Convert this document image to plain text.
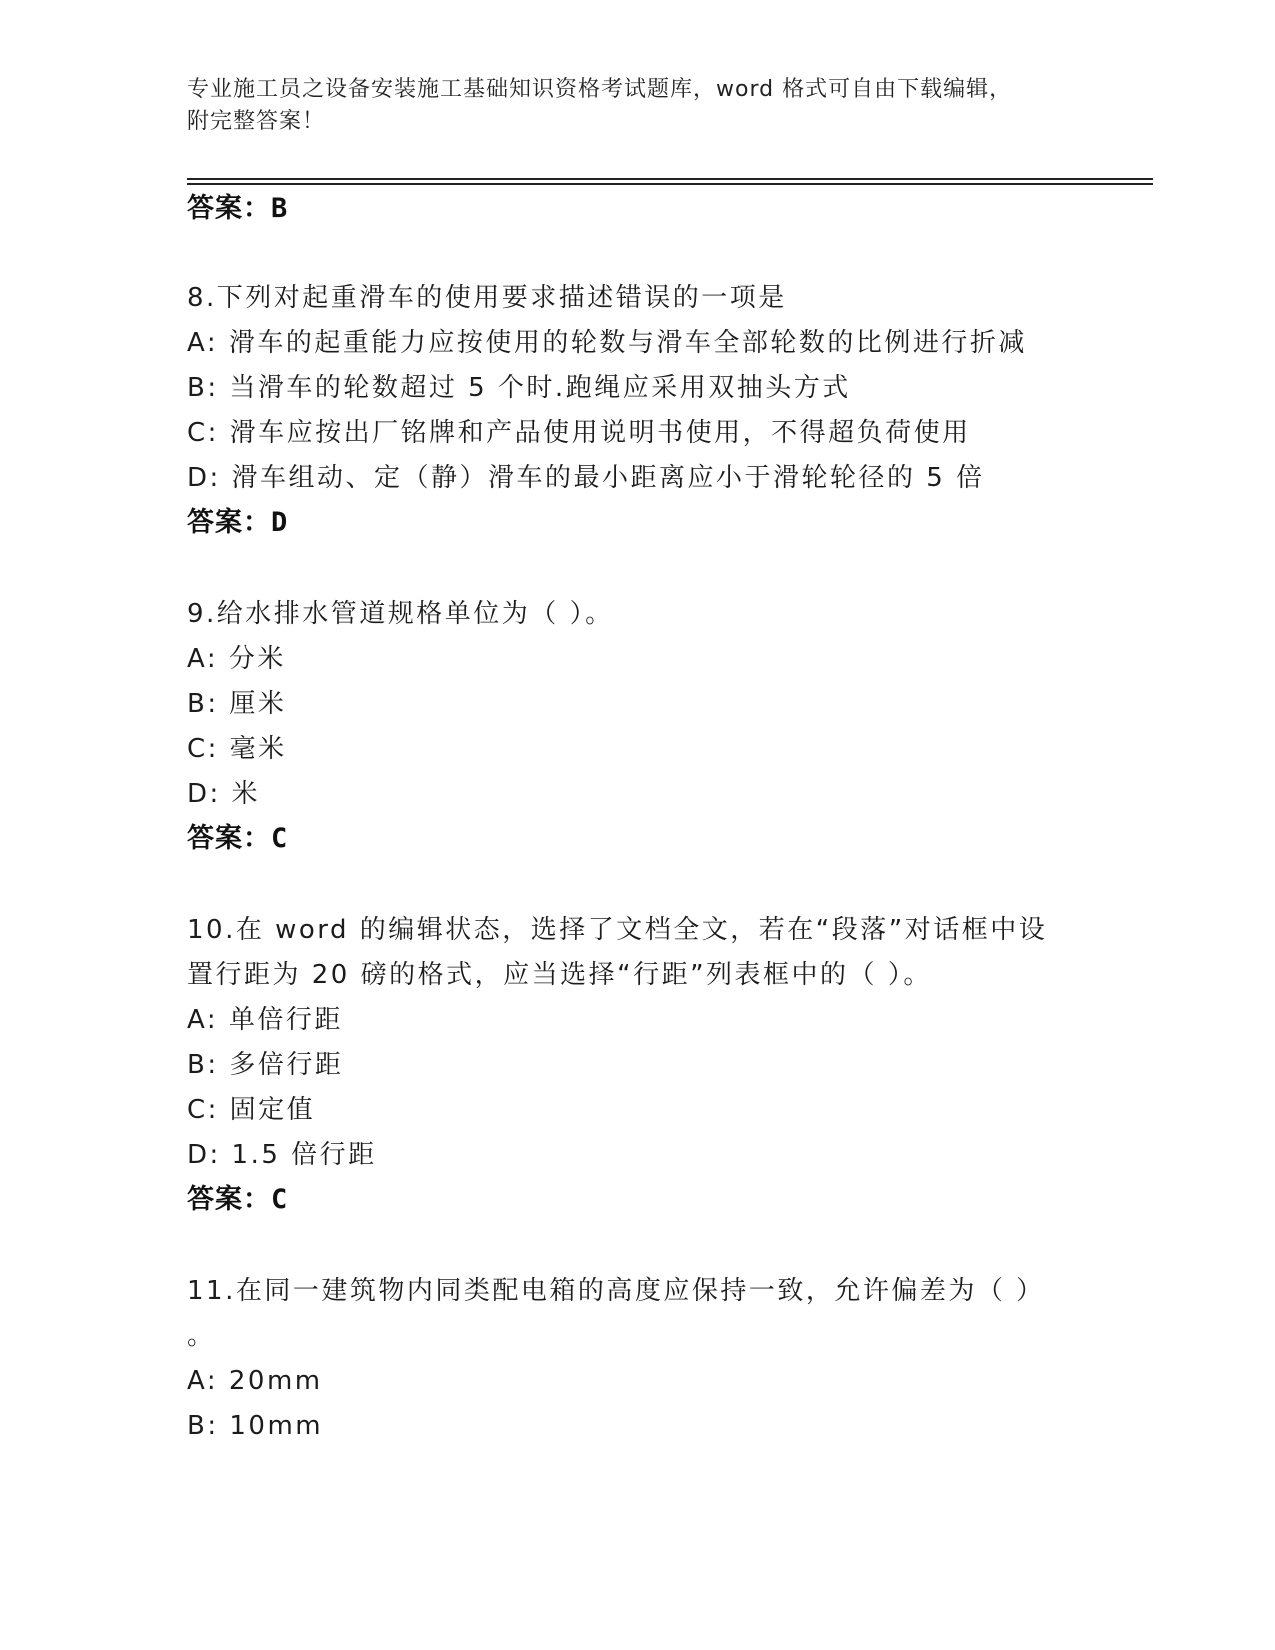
专业施工员之设备安装施工基础知识资格考试题库，word 格式可自由下载编辑，
附完整答案！
答案：B
8.下列对起重滑车的使用要求描述错误的一项是
A: 滑车的起重能力应按使用的轮数与滑车全部轮数的比例进行折减
B: 当滑车的轮数超过 5 个时.跑绳应采用双抽头方式
C: 滑车应按出厂铭牌和产品使用说明书使用，不得超负荷使用
D: 滑车组动、定（静）滑车的最小距离应小于滑轮轮径的 5 倍
答案：D
9.给水排水管道规格单位为（ ）。
A: 分米
B: 厘米
C: 毫米
D: 米
答案：C
10.在 word 的编辑状态，选择了文档全文，若在“段落”对话框中设
置行距为 20 磅的格式，应当选择“行距”列表框中的（ ）。
A: 单倍行距
B: 多倍行距
C: 固定值
D: 1.5 倍行距
答案：C
11.在同一建筑物内同类配电箱的高度应保持一致，允许偏差为（ ）
。
A: 20mm
B: 10mm
